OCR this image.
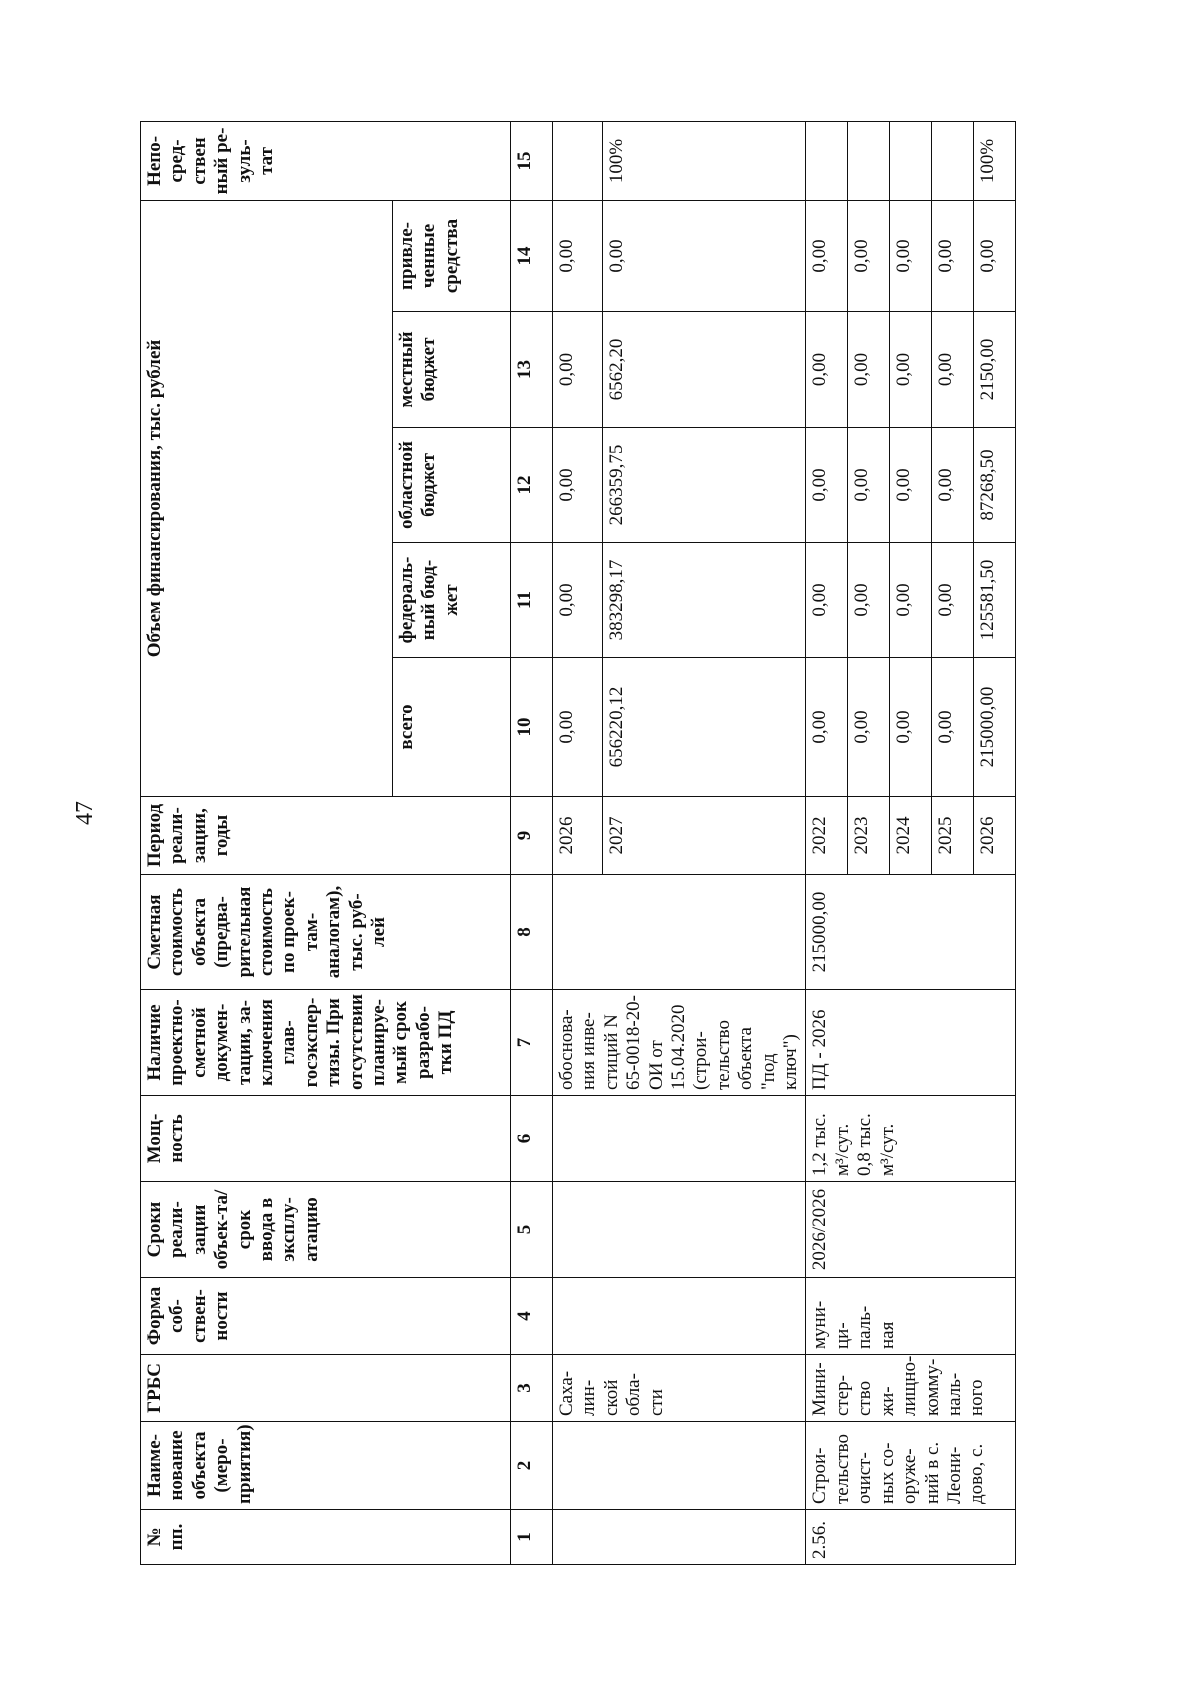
47
№ пп.	Наиме-нование объекта (меро-приятия)	ГРБС	Форма соб-ствен-ности	Сроки реали-зации объек-та/срок ввода в эксплу-атацию	Мощ-ность	Наличие проектно-сметной докумен-тации, за-ключения глав-госэкспер-тизы. При отсутствии планируе-мый срок разрабо-тки ПД	Сметная стоимость объекта (предва-рительная стоимость по проек-там-аналогам), тыс. руб-лей	Период реали-зации, годы	Объем финансирования, тыс. рублей					Непо-сред-ствен ный ре-зуль-тат
									всего	федераль-ный бюд-жет	областной бюджет	местный бюджет	привле-ченные средства	
1	2	3	4	5	6	7	8	9	10	11	12	13	14	15
		Саха-лин-ской обла-сти				обоснова-ния инве-стиций N 65-0018-20-ОИ от 15.04.2020 (строи-тельство объекта "под ключ")		2026	0,00	0,00	0,00	0,00	0,00	
								2027	656220,12	383298,17	266359,75	6562,20	0,00	100%
2.56.	Строи-тельство очист-ных со-оруже-ний в с. Леони-дово, с.	Мини-стер-ство жи-лищно-комму-наль-ного	муни-ци-паль-ная	2026/2026	1,2 тыс. м³/сут. 0,8 тыс. м³/сут.	ПД - 2026	215000,00	2022	0,00	0,00	0,00	0,00	0,00	
								2023	0,00	0,00	0,00	0,00	0,00	
								2024	0,00	0,00	0,00	0,00	0,00	
								2025	0,00	0,00	0,00	0,00	0,00	
								2026	215000,00	125581,50	87268,50	2150,00	0,00	100%
